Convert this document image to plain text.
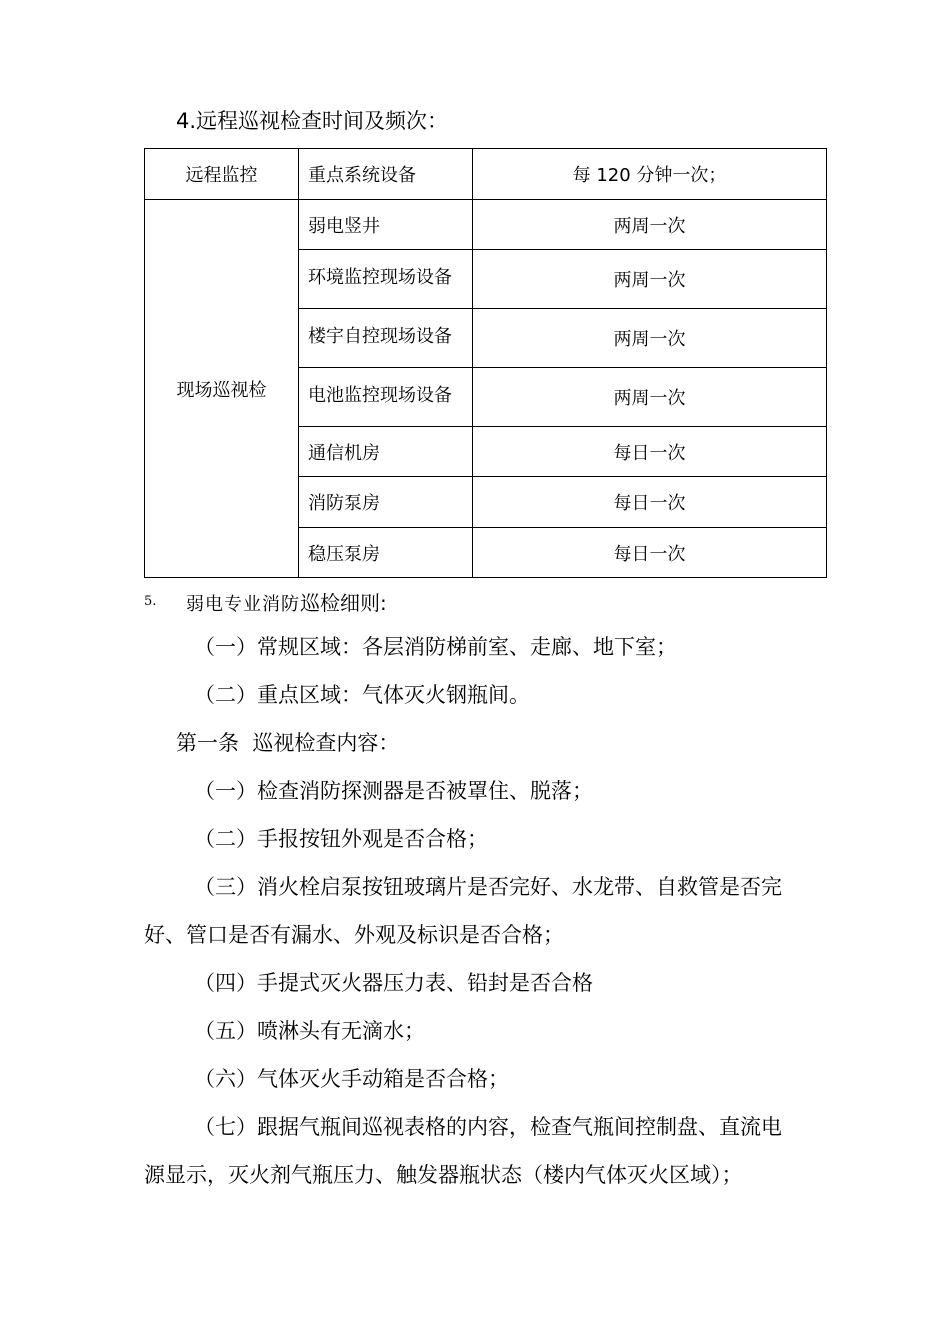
4.远程巡视检查时间及频次：
远程监控	重点系统设备	每 120 分钟一次；
现场巡视检	弱电竖井	两周一次
	环境监控现场设备	两周一次
	楼宇自控现场设备	两周一次
	电池监控现场设备	两周一次
	通信机房	每日一次
	消防泵房	每日一次
	稳压泵房	每日一次
5. 弱电专业消防巡检细则:
（一）常规区域：各层消防梯前室、走廊、地下室；
（二）重点区域：气体灭火钢瓶间。
第一条  巡视检查内容：
（一）检查消防探测器是否被罩住、脱落；
（二）手报按钮外观是否合格；
（三）消火栓启泵按钮玻璃片是否完好、水龙带、自救管是否完
好、管口是否有漏水、外观及标识是否合格；
（四）手提式灭火器压力表、铅封是否合格
（五）喷淋头有无滴水；
（六）气体灭火手动箱是否合格；
（七）跟据气瓶间巡视表格的内容，检查气瓶间控制盘、直流电
源显示，灭火剂气瓶压力、触发器瓶状态（楼内气体灭火区域）；
